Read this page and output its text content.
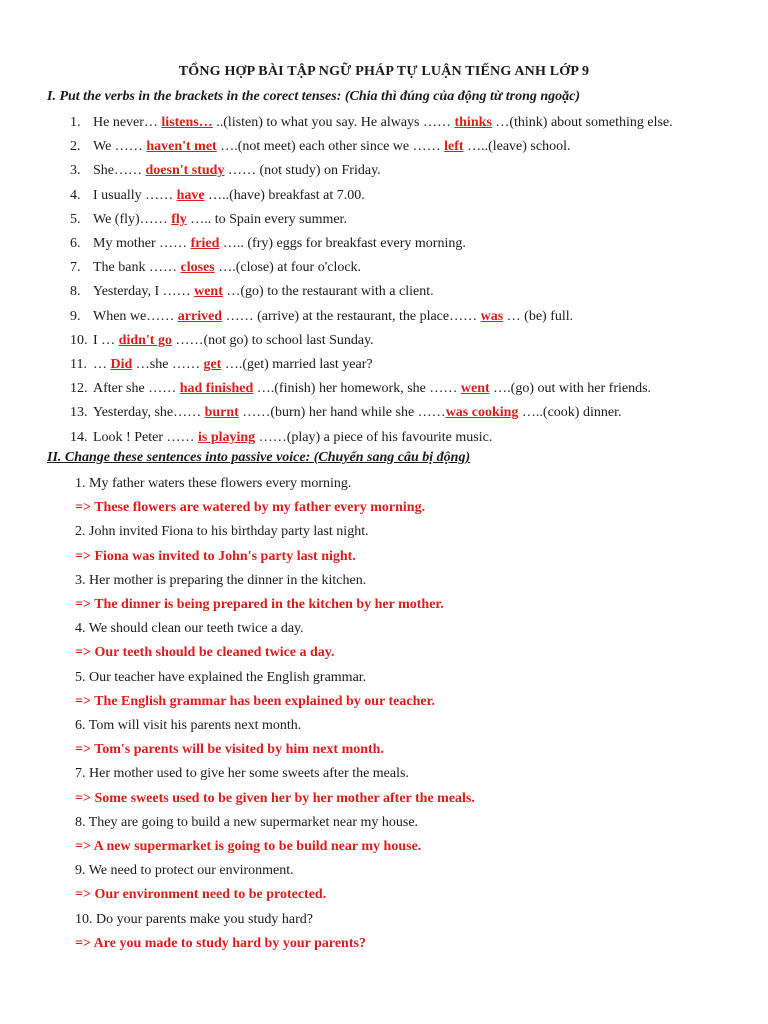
TỔNG HỢP BÀI TẬP NGỮ PHÁP TỰ LUẬN TIẾNG ANH LỚP 9
I. Put the verbs in the brackets in the corect tenses: (Chia thì đúng của động từ trong ngoặc)
1. He never… listens… ..(listen) to what you say. He always …… thinks …(think) about something else.
2. We …… haven't met ….(not meet) each other since we …… left …..(leave) school.
3. She…… doesn't study …… (not study) on Friday.
4. I usually …… have …..(have) breakfast at 7.00.
5. We (fly)…… fly ….. to Spain every summer.
6. My mother …… fried ….. (fry) eggs for breakfast every morning.
7. The bank …… closes ….(close) at four o'clock.
8. Yesterday, I …… went …(go) to the restaurant with a client.
9. When we…… arrived …… (arrive) at the restaurant, the place…… was … (be) full.
10. I … didn't go ……(not go) to school last Sunday.
11. … Did …she …… get ….(get) married last year?
12. After she …… had finished ….(finish) her homework, she …… went ….(go) out with her friends.
13. Yesterday, she…… burnt ……(burn) her hand while she ……was cooking …..(cook) dinner.
14. Look ! Peter …… is playing ……(play) a piece of his favourite music.
II. Change these sentences into passive voice: (Chuyển sang câu bị động)
1. My father waters these flowers every morning.
=> These flowers are watered by my father every morning.
2. John invited Fiona to his birthday party last night.
=> Fiona was invited to John's party last night.
3. Her mother is preparing the dinner in the kitchen.
=> The dinner is being prepared in the kitchen by her mother.
4. We should clean our teeth twice a day.
=> Our teeth should be cleaned twice a day.
5. Our teacher have explained the English grammar.
=> The English grammar has been explained by our teacher.
6. Tom will visit his parents next month.
=> Tom's parents will be visited by him next month.
7. Her mother used to give her some sweets after the meals.
=> Some sweets used to be given her by her mother after the meals.
8. They are going to build a new supermarket near my house.
=> A new supermarket is going to be build near my house.
9. We need to protect our environment.
=> Our environment need to be protected.
10. Do your parents make you study hard?
=> Are you made to study hard by your parents?
